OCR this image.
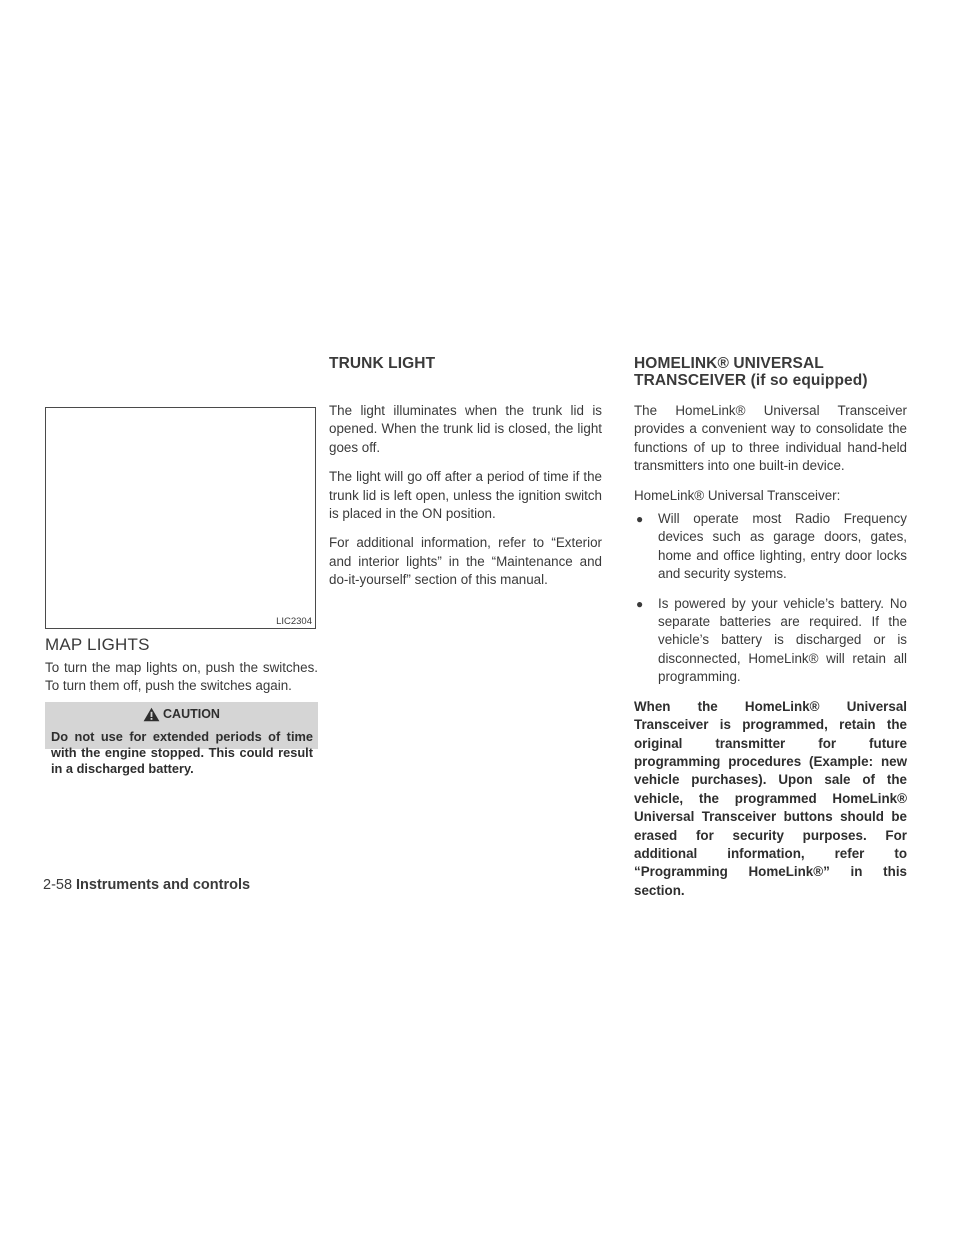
LIC2304
MAP LIGHTS

To turn the map lights on, push the switches. To turn them off, push the switches again.

CAUTION
Do not use for extended periods of time with the engine stopped. This could result in a discharged battery.
TRUNK LIGHT

The light illuminates when the trunk lid is opened. When the trunk lid is closed, the light goes off.

The light will go off after a period of time if the trunk lid is left open, unless the ignition switch is placed in the ON position.

For additional information, refer to “Exterior and interior lights” in the “Maintenance and do-it-yourself” section of this manual.

HOMELINK® UNIVERSAL
TRANSCEIVER (if so equipped)

The HomeLink® Universal Transceiver provides a convenient way to consolidate the functions of up to three individual hand-held transmitters into one built-in device.

HomeLink® Universal Transceiver:

● Will operate most Radio Frequency devices such as garage doors, gates, home and office lighting, entry door locks and security systems.
● Is powered by your vehicle’s battery. No separate batteries are required. If the vehicle’s battery is discharged or is disconnected, HomeLink® will retain all programming.

When the HomeLink® Universal Transceiver is programmed, retain the original transmitter for future programming procedures (Example: new vehicle purchases). Upon sale of the vehicle, the programmed HomeLink® Universal Transceiver buttons should be erased for security purposes. For additional information, refer to “Programming HomeLink®” in this section.

2-58 Instruments and controls
